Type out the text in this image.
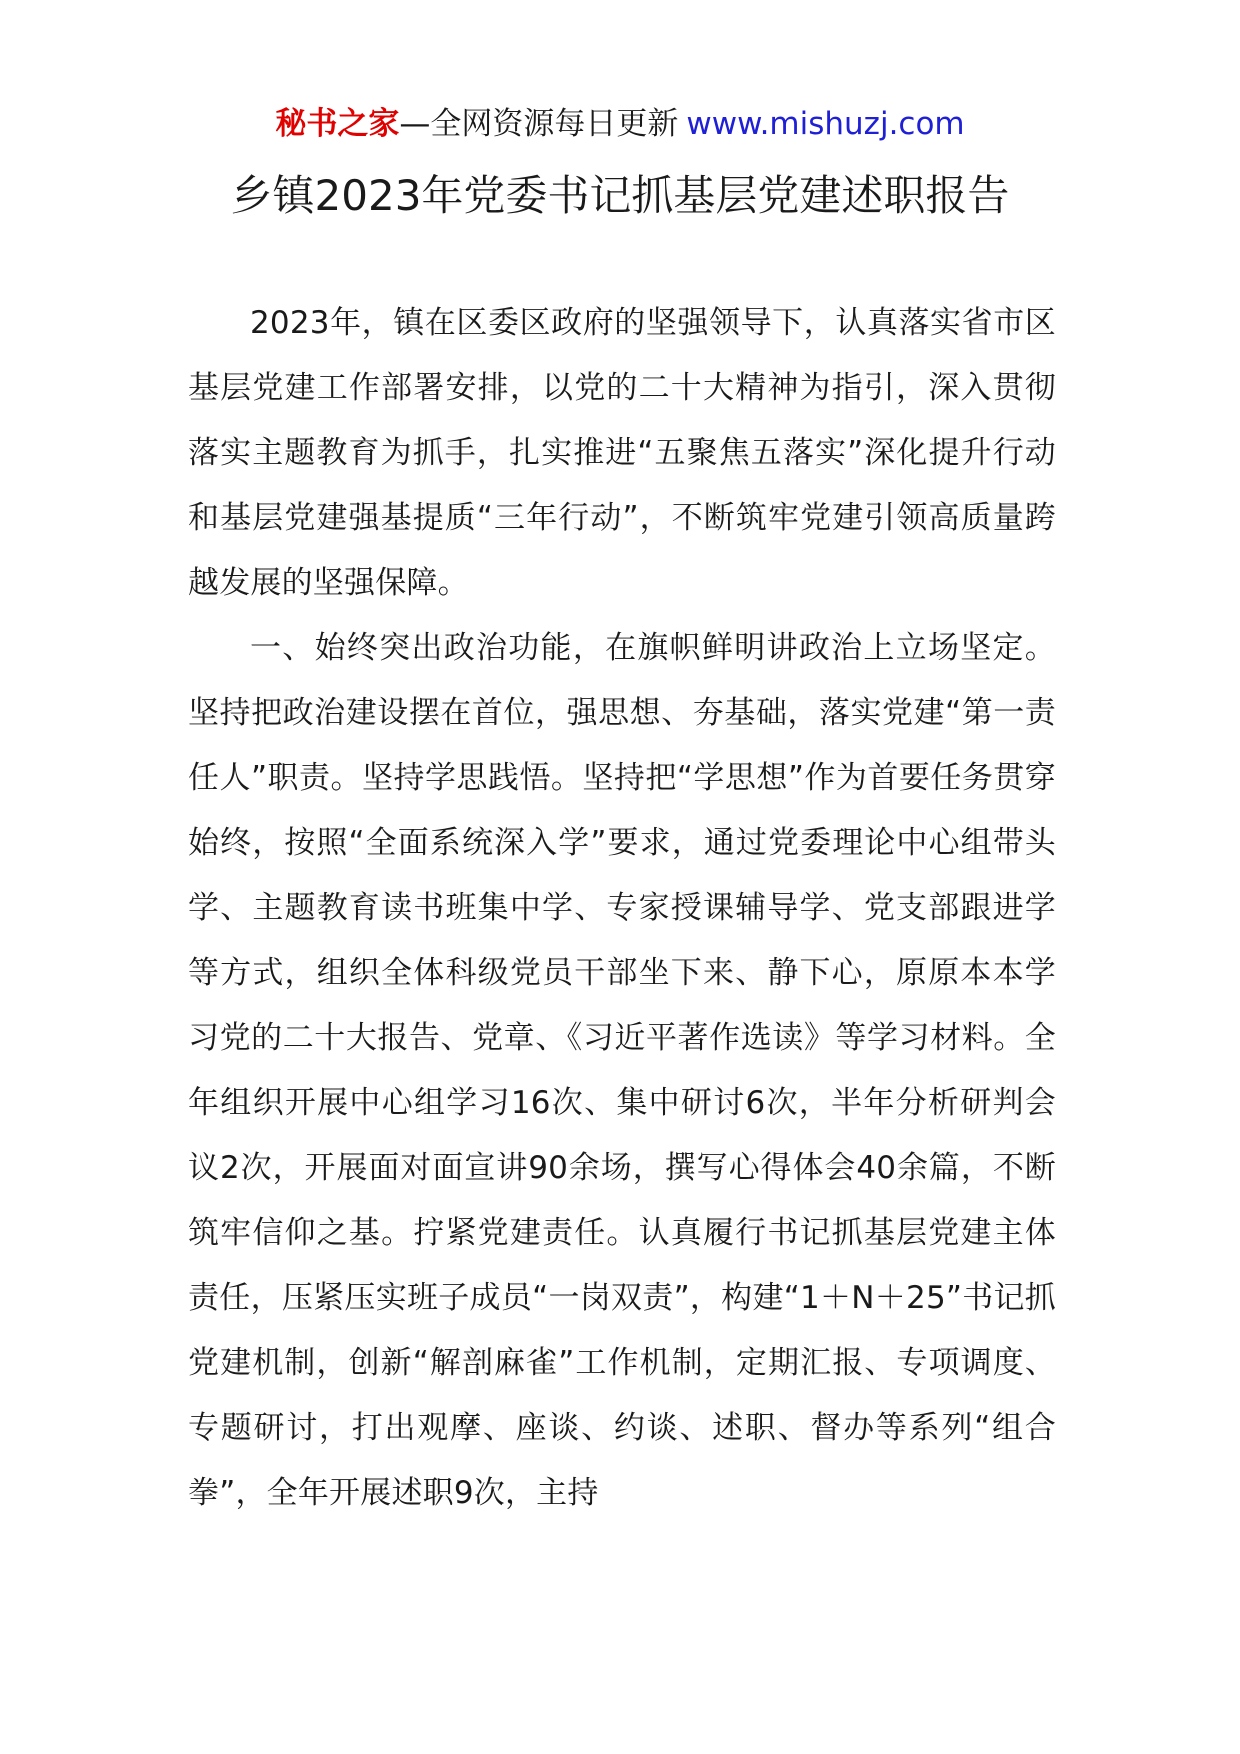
秘书之家—全网资源每日更新 www.mishuzj.com
乡镇2023年党委书记抓基层党建述职报告

2023年，镇在区委区政府的坚强领导下，认真落实省市区基层党建工作部署安排，以党的二十大精神为指引，深入贯彻落实主题教育为抓手，扎实推进“五聚焦五落实”深化提升行动和基层党建强基提质“三年行动”，不断筑牢党建引领高质量跨越发展的坚强保障。

一、始终突出政治功能，在旗帜鲜明讲政治上立场坚定。坚持把政治建设摆在首位，强思想、夯基础，落实党建“第一责任人”职责。坚持学思践悟。坚持把“学思想”作为首要任务贯穿始终，按照“全面系统深入学”要求，通过党委理论中心组带头学、主题教育读书班集中学、专家授课辅导学、党支部跟进学等方式，组织全体科级党员干部坐下来、静下心，原原本本学习党的二十大报告、党章、《习近平著作选读》等学习材料。全年组织开展中心组学习16次、集中研讨6次，半年分析研判会议2次，开展面对面宣讲90余场，撰写心得体会40余篇，不断筑牢信仰之基。拧紧党建责任。认真履行书记抓基层党建主体责任，压紧压实班子成员“一岗双责”，构建“1＋N＋25”书记抓党建机制，创新“解剖麻雀”工作机制，定期汇报、专项调度、专题研讨，打出观摩、座谈、约谈、述职、督办等系列“组合拳”，全年开展述职9次，主持
